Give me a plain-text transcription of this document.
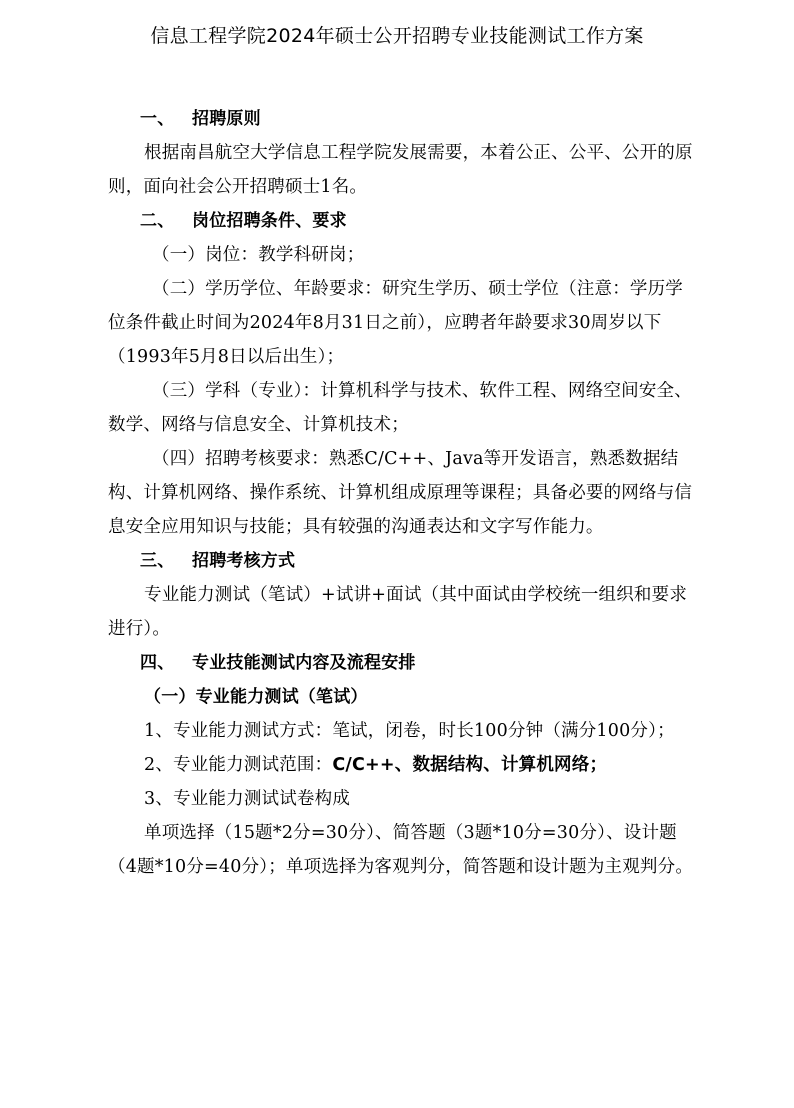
信息工程学院2024年硕士公开招聘专业技能测试工作方案
一、 招聘原则

根据南昌航空大学信息工程学院发展需要，本着公正、公平、公开的原则，面向社会公开招聘硕士1名。

二、 岗位招聘条件、要求

（一）岗位：教学科研岗；

（二）学历学位、年龄要求：研究生学历、硕士学位（注意：学历学位条件截止时间为2024年8月31日之前），应聘者年龄要求30周岁以下（1993年5月8日以后出生）；

（三）学科（专业）：计算机科学与技术、软件工程、网络空间安全、数学、网络与信息安全、计算机技术；

（四）招聘考核要求：熟悉C/C++、Java等开发语言，熟悉数据结构、计算机网络、操作系统、计算机组成原理等课程；具备必要的网络与信息安全应用知识与技能；具有较强的沟通表达和文字写作能力。

三、 招聘考核方式

专业能力测试（笔试）+试讲+面试（其中面试由学校统一组织和要求进行）。

四、 专业技能测试内容及流程安排
（一）专业能力测试（笔试）

1、专业能力测试方式：笔试，闭卷，时长100分钟（满分100分）；

2、专业能力测试范围：C/C++、数据结构、计算机网络；

3、专业能力测试试卷构成

单项选择（15题*2分=30分）、简答题（3题*10分=30分）、设计题（4题*10分=40分）；单项选择为客观判分，简答题和设计题为主观判分。
